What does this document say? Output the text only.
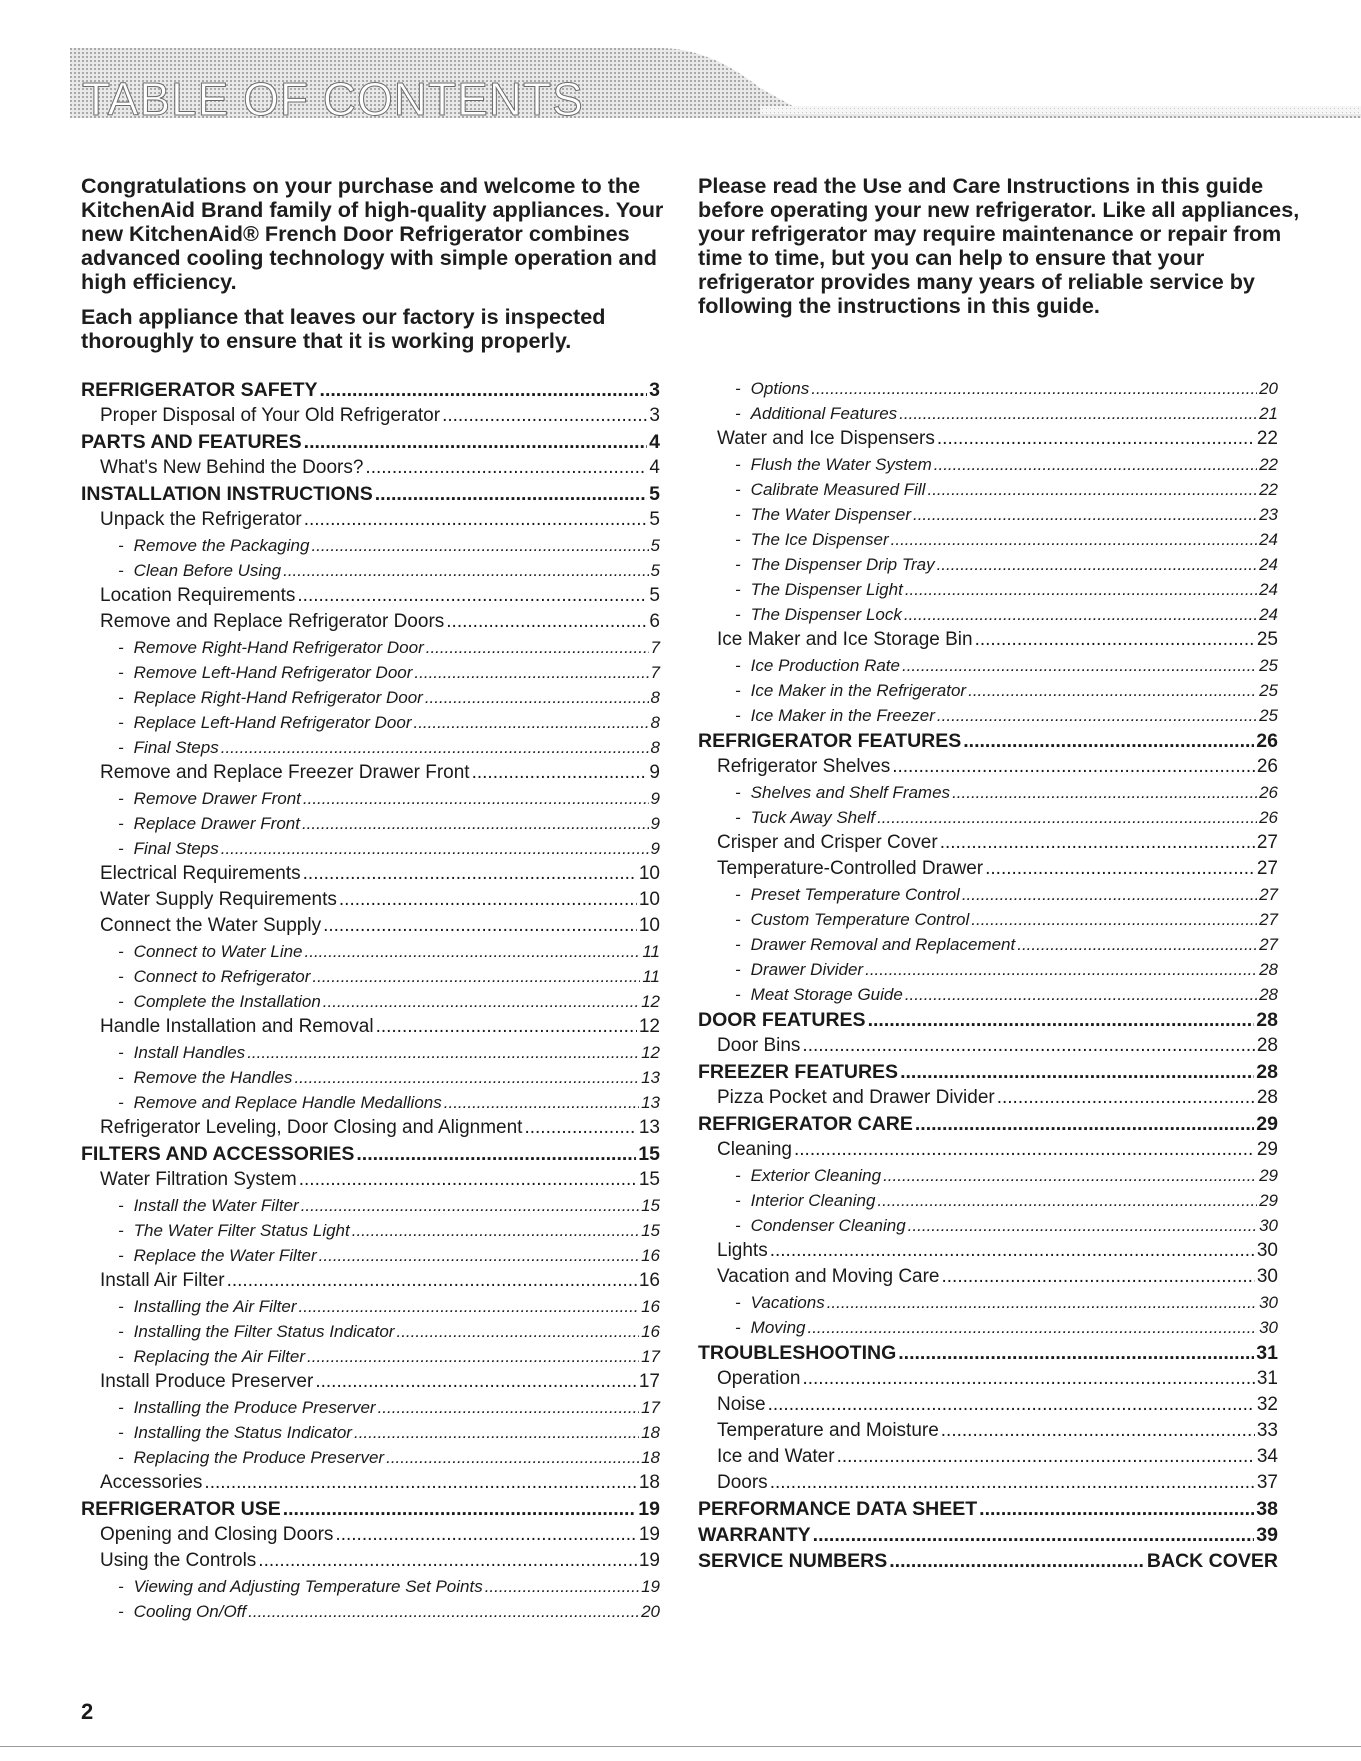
TABLE OF CONTENTS

Congratulations on your purchase and welcome to the KitchenAid Brand family of high-quality appliances. Your new KitchenAid® French Door Refrigerator combines advanced cooling technology with simple operation and high efficiency.

Each appliance that leaves our factory is inspected thoroughly to ensure that it is working properly.

Please read the Use and Care Instructions in this guide before operating your new refrigerator. Like all appliances, your refrigerator may require maintenance or repair from time to time, but you can help to ensure that your refrigerator provides many years of reliable service by following the instructions in this guide.

REFRIGERATOR SAFETY .....	3
Proper Disposal of Your Old Refrigerator .....	3
PARTS AND FEATURES .....	4
What's New Behind the Doors? .....	4
INSTALLATION INSTRUCTIONS .....	5
Unpack the Refrigerator .....	5
- Remove the Packaging .....	5
- Clean Before Using .....	5
Location Requirements .....	5
Remove and Replace Refrigerator Doors .....	6
- Remove Right-Hand Refrigerator Door .....	7
- Remove Left-Hand Refrigerator Door .....	7
- Replace Right-Hand Refrigerator Door .....	8
- Replace Left-Hand Refrigerator Door .....	8
- Final Steps .....	8
Remove and Replace Freezer Drawer Front .....	9
- Remove Drawer Front .....	9
- Replace Drawer Front .....	9
- Final Steps .....	9
Electrical Requirements .....	10
Water Supply Requirements .....	10
Connect the Water Supply .....	10
- Connect to Water Line .....	11
- Connect to Refrigerator .....	11
- Complete the Installation .....	12
Handle Installation and Removal .....	12
- Install Handles .....	12
- Remove the Handles .....	13
- Remove and Replace Handle Medallions .....	13
Refrigerator Leveling, Door Closing and Alignment .....	13
FILTERS AND ACCESSORIES .....	15
Water Filtration System .....	15
- Install the Water Filter .....	15
- The Water Filter Status Light .....	15
- Replace the Water Filter .....	16
Install Air Filter .....	16
- Installing the Air Filter .....	16
- Installing the Filter Status Indicator .....	16
- Replacing the Air Filter .....	17
Install Produce Preserver .....	17
- Installing the Produce Preserver .....	17
- Installing the Status Indicator .....	18
- Replacing the Produce Preserver .....	18
Accessories .....	18
REFRIGERATOR USE .....	19
Opening and Closing Doors .....	19
Using the Controls .....	19
- Viewing and Adjusting Temperature Set Points .....	19
- Cooling On/Off .....	20
- Options .....	20
- Additional Features .....	21
Water and Ice Dispensers .....	22
- Flush the Water System .....	22
- Calibrate Measured Fill .....	22
- The Water Dispenser .....	23
- The Ice Dispenser .....	24
- The Dispenser Drip Tray .....	24
- The Dispenser Light .....	24
- The Dispenser Lock .....	24
Ice Maker and Ice Storage Bin .....	25
- Ice Production Rate .....	25
- Ice Maker in the Refrigerator .....	25
- Ice Maker in the Freezer .....	25
REFRIGERATOR FEATURES .....	26
Refrigerator Shelves .....	26
- Shelves and Shelf Frames .....	26
- Tuck Away Shelf .....	26
Crisper and Crisper Cover .....	27
Temperature-Controlled Drawer .....	27
- Preset Temperature Control .....	27
- Custom Temperature Control .....	27
- Drawer Removal and Replacement .....	27
- Drawer Divider .....	28
- Meat Storage Guide .....	28
DOOR FEATURES .....	28
Door Bins .....	28
FREEZER FEATURES .....	28
Pizza Pocket and Drawer Divider .....	28
REFRIGERATOR CARE .....	29
Cleaning .....	29
- Exterior Cleaning .....	29
- Interior Cleaning .....	29
- Condenser Cleaning .....	30
Lights .....	30
Vacation and Moving Care .....	30
- Vacations .....	30
- Moving .....	30
TROUBLESHOOTING .....	31
Operation .....	31
Noise .....	32
Temperature and Moisture .....	33
Ice and Water .....	34
Doors .....	37
PERFORMANCE DATA SHEET .....	38
WARRANTY .....	39
SERVICE NUMBERS .....	BACK COVER
2
